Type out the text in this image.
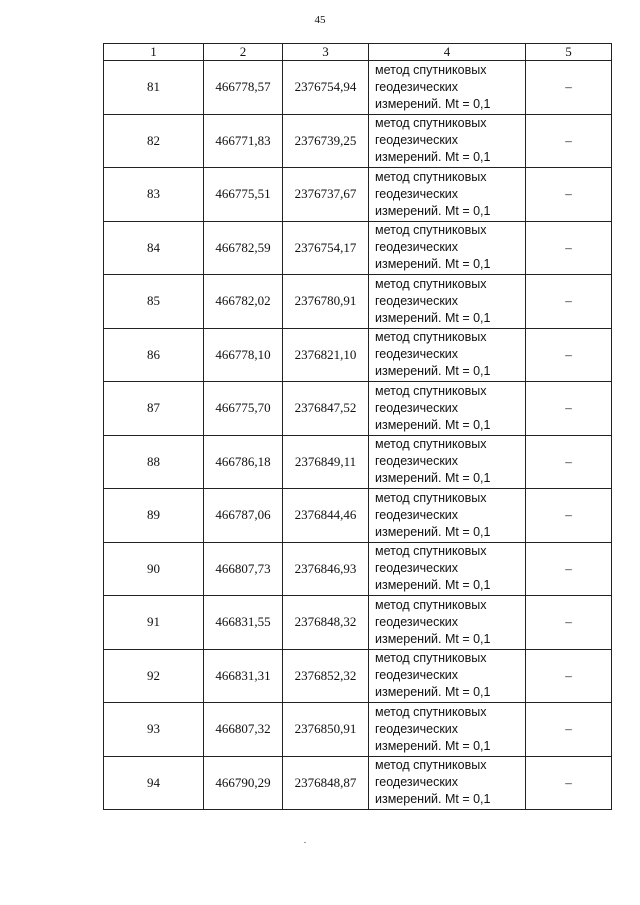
45
1	2	3	4	5
81	466778,57	2376754,94	метод спутниковых
геодезических
измерений. Mt = 0,1	–
82	466771,83	2376739,25	метод спутниковых
геодезических
измерений. Mt = 0,1	–
83	466775,51	2376737,67	метод спутниковых
геодезических
измерений. Mt = 0,1	–
84	466782,59	2376754,17	метод спутниковых
геодезических
измерений. Mt = 0,1	–
85	466782,02	2376780,91	метод спутниковых
геодезических
измерений. Mt = 0,1	–
86	466778,10	2376821,10	метод спутниковых
геодезических
измерений. Mt = 0,1	–
87	466775,70	2376847,52	метод спутниковых
геодезических
измерений. Mt = 0,1	–
88	466786,18	2376849,11	метод спутниковых
геодезических
измерений. Mt = 0,1	–
89	466787,06	2376844,46	метод спутниковых
геодезических
измерений. Mt = 0,1	–
90	466807,73	2376846,93	метод спутниковых
геодезических
измерений. Mt = 0,1	–
91	466831,55	2376848,32	метод спутниковых
геодезических
измерений. Mt = 0,1	–
92	466831,31	2376852,32	метод спутниковых
геодезических
измерений. Mt = 0,1	–
93	466807,32	2376850,91	метод спутниковых
геодезических
измерений. Mt = 0,1	–
94	466790,29	2376848,87	метод спутниковых
геодезических
измерений. Mt = 0,1	–
